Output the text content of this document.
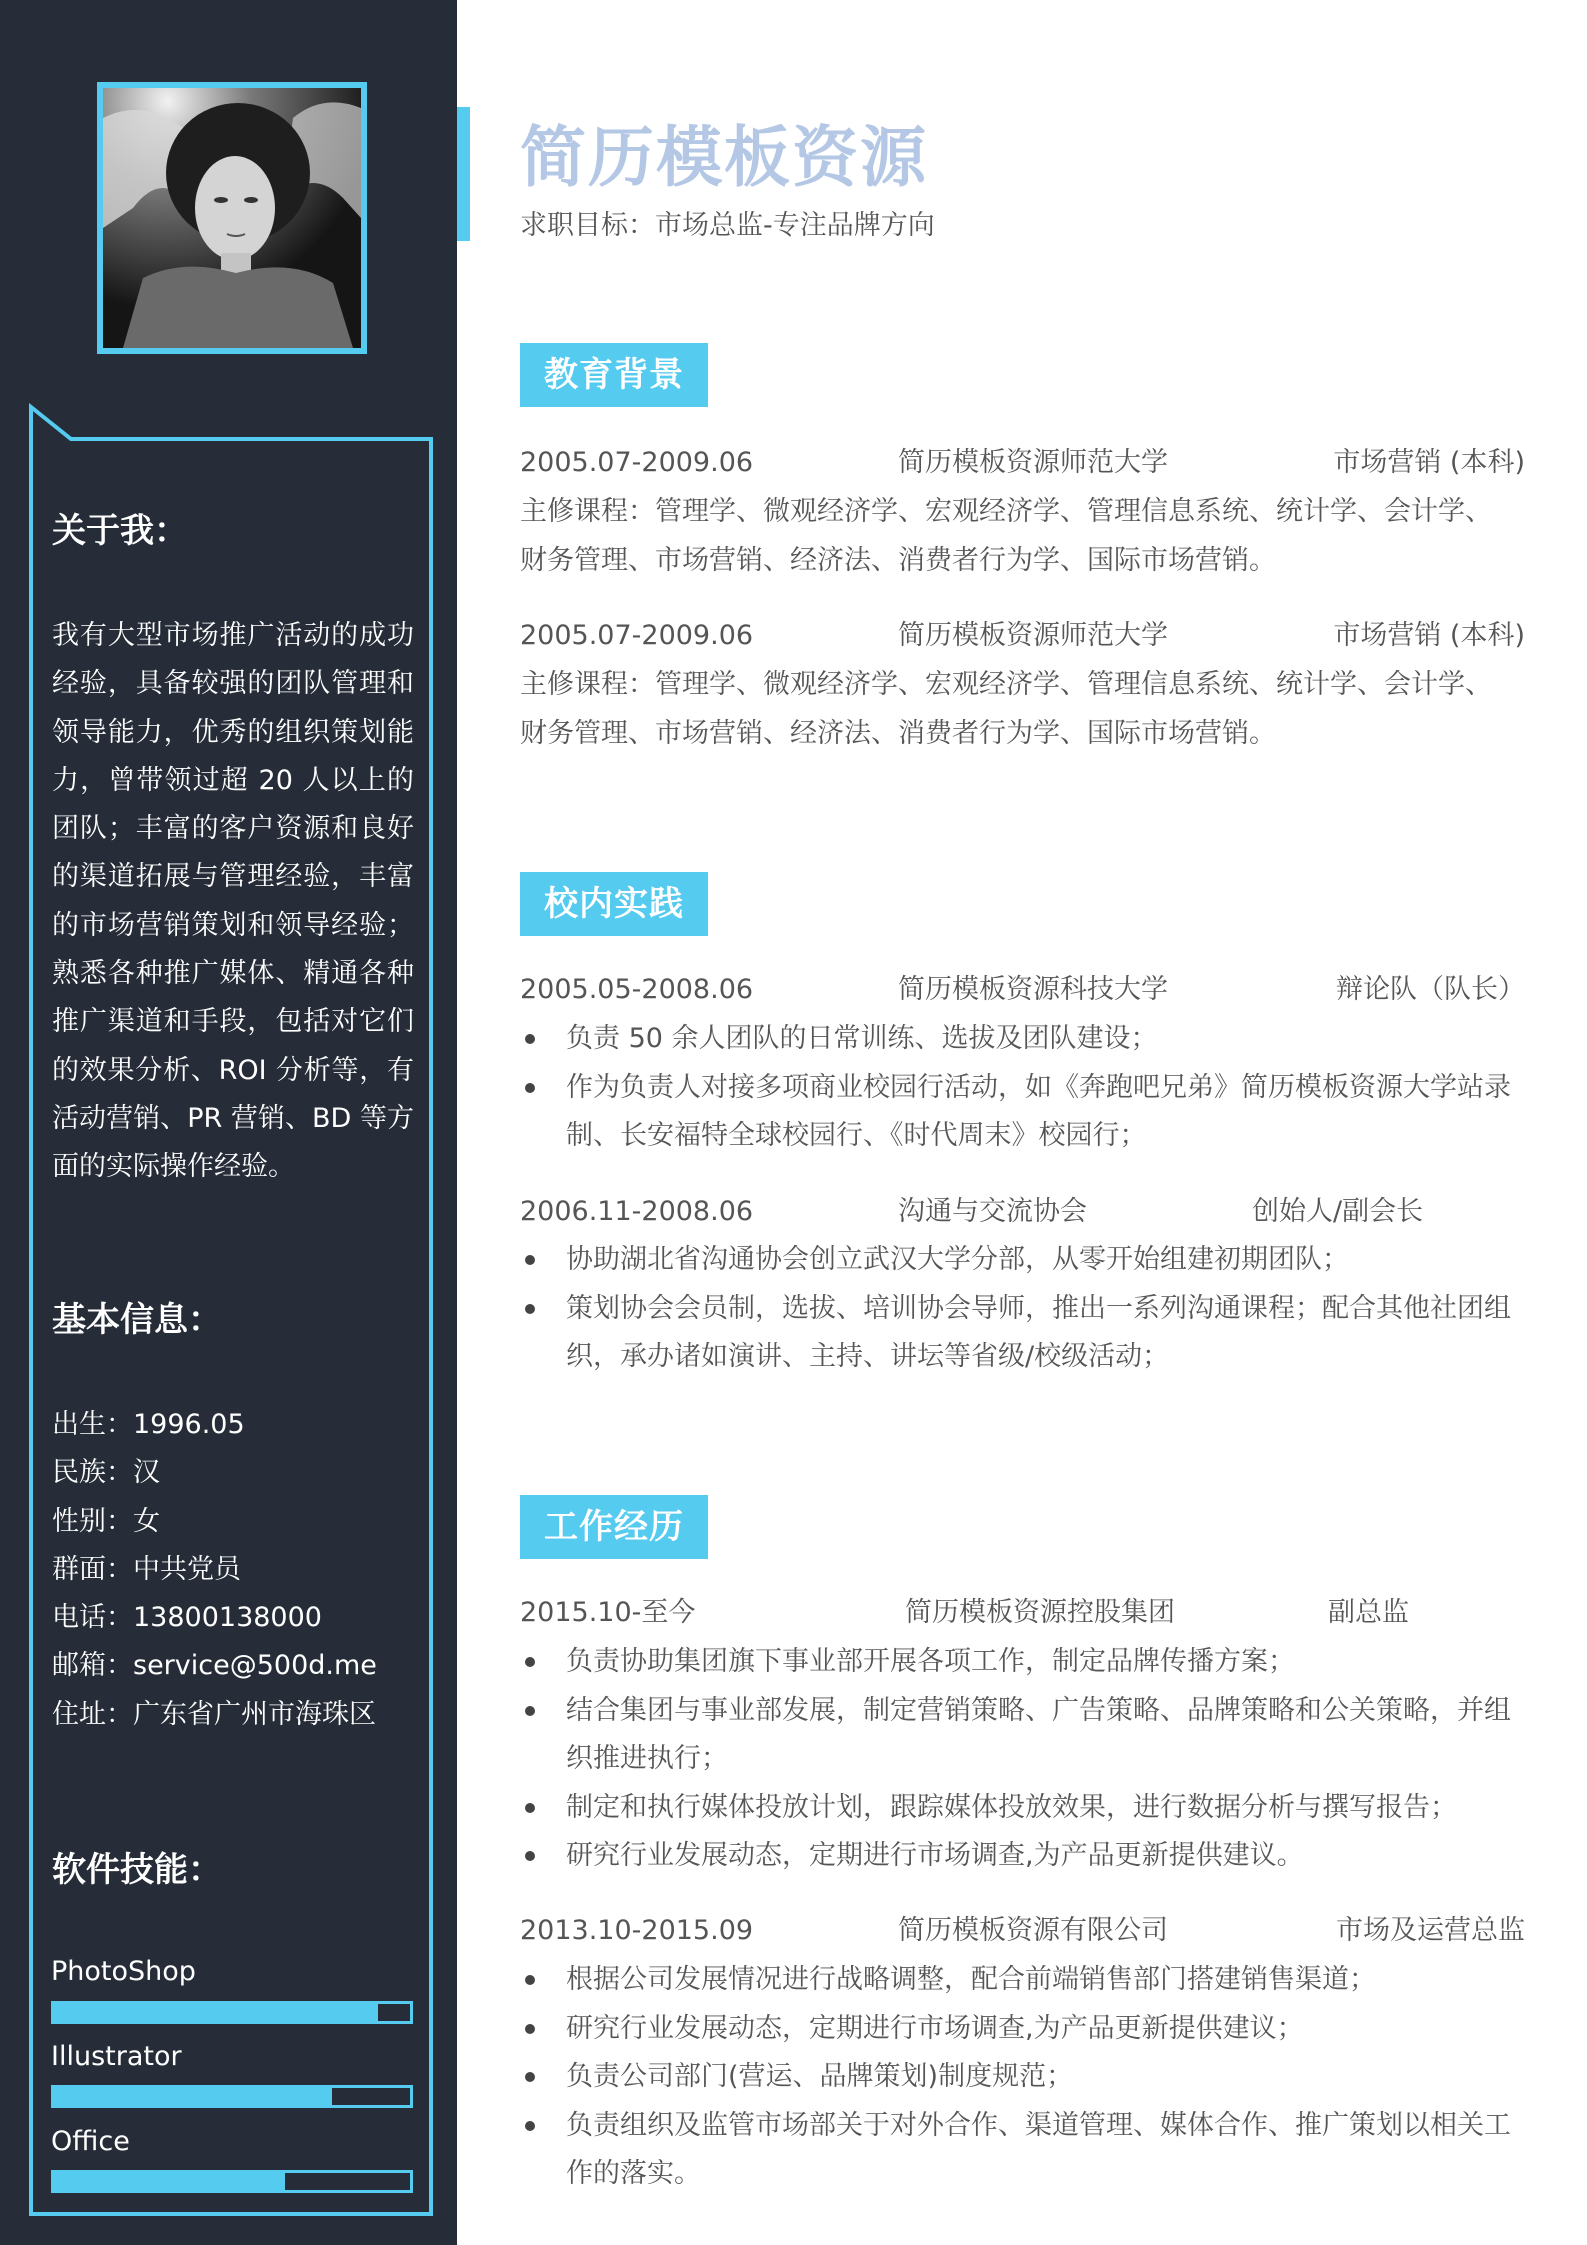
关于我：
我有大型市场推广活动的成功经验，具备较强的团队管理和领导能力，优秀的组织策划能力，曾带领过超 20 人以上的团队；丰富的客户资源和良好的渠道拓展与管理经验，丰富的市场营销策划和领导经验；熟悉各种推广媒体、精通各种推广渠道和手段，包括对它们的效果分析、ROI 分析等，有活动营销、PR 营销、BD 等方面的实际操作经验。
基本信息：
出生：1996.05
民族：汉
性别：女
群面：中共党员
电话：13800138000
邮箱：service@500d.me
住址：广东省广州市海珠区
软件技能：
PhotoShop
Illustrator
Office
简历模板资源
求职目标：市场总监-专注品牌方向
教育背景
2005.07-2009.06	简历模板资源师范大学	市场营销 (本科)
主修课程：管理学、微观经济学、宏观经济学、管理信息系统、统计学、会计学、
财务管理、市场营销、经济法、消费者行为学、国际市场营销。
2005.07-2009.06	简历模板资源师范大学	市场营销 (本科)
主修课程：管理学、微观经济学、宏观经济学、管理信息系统、统计学、会计学、
财务管理、市场营销、经济法、消费者行为学、国际市场营销。
校内实践
2005.05-2008.06	简历模板资源科技大学	辩论队（队长）
负责 50 余人团队的日常训练、选拔及团队建设；
作为负责人对接多项商业校园行活动，如《奔跑吧兄弟》简历模板资源大学站录制、长安福特全球校园行、《时代周末》校园行；
2006.11-2008.06	沟通与交流协会	创始人/副会长
协助湖北省沟通协会创立武汉大学分部，从零开始组建初期团队；
策划协会会员制，选拔、培训协会导师，推出一系列沟通课程；配合其他社团组织，承办诸如演讲、主持、讲坛等省级/校级活动；
工作经历
2015.10-至今	简历模板资源控股集团	副总监
负责协助集团旗下事业部开展各项工作，制定品牌传播方案；
结合集团与事业部发展，制定营销策略、广告策略、品牌策略和公关策略，并组织推进执行；
制定和执行媒体投放计划，跟踪媒体投放效果，进行数据分析与撰写报告；
研究行业发展动态，定期进行市场调查,为产品更新提供建议。
2013.10-2015.09	简历模板资源有限公司	市场及运营总监
根据公司发展情况进行战略调整，配合前端销售部门搭建销售渠道；
研究行业发展动态，定期进行市场调查,为产品更新提供建议；
负责公司部门(营运、品牌策划)制度规范；
负责组织及监管市场部关于对外合作、渠道管理、媒体合作、推广策划以相关工作的落实。
